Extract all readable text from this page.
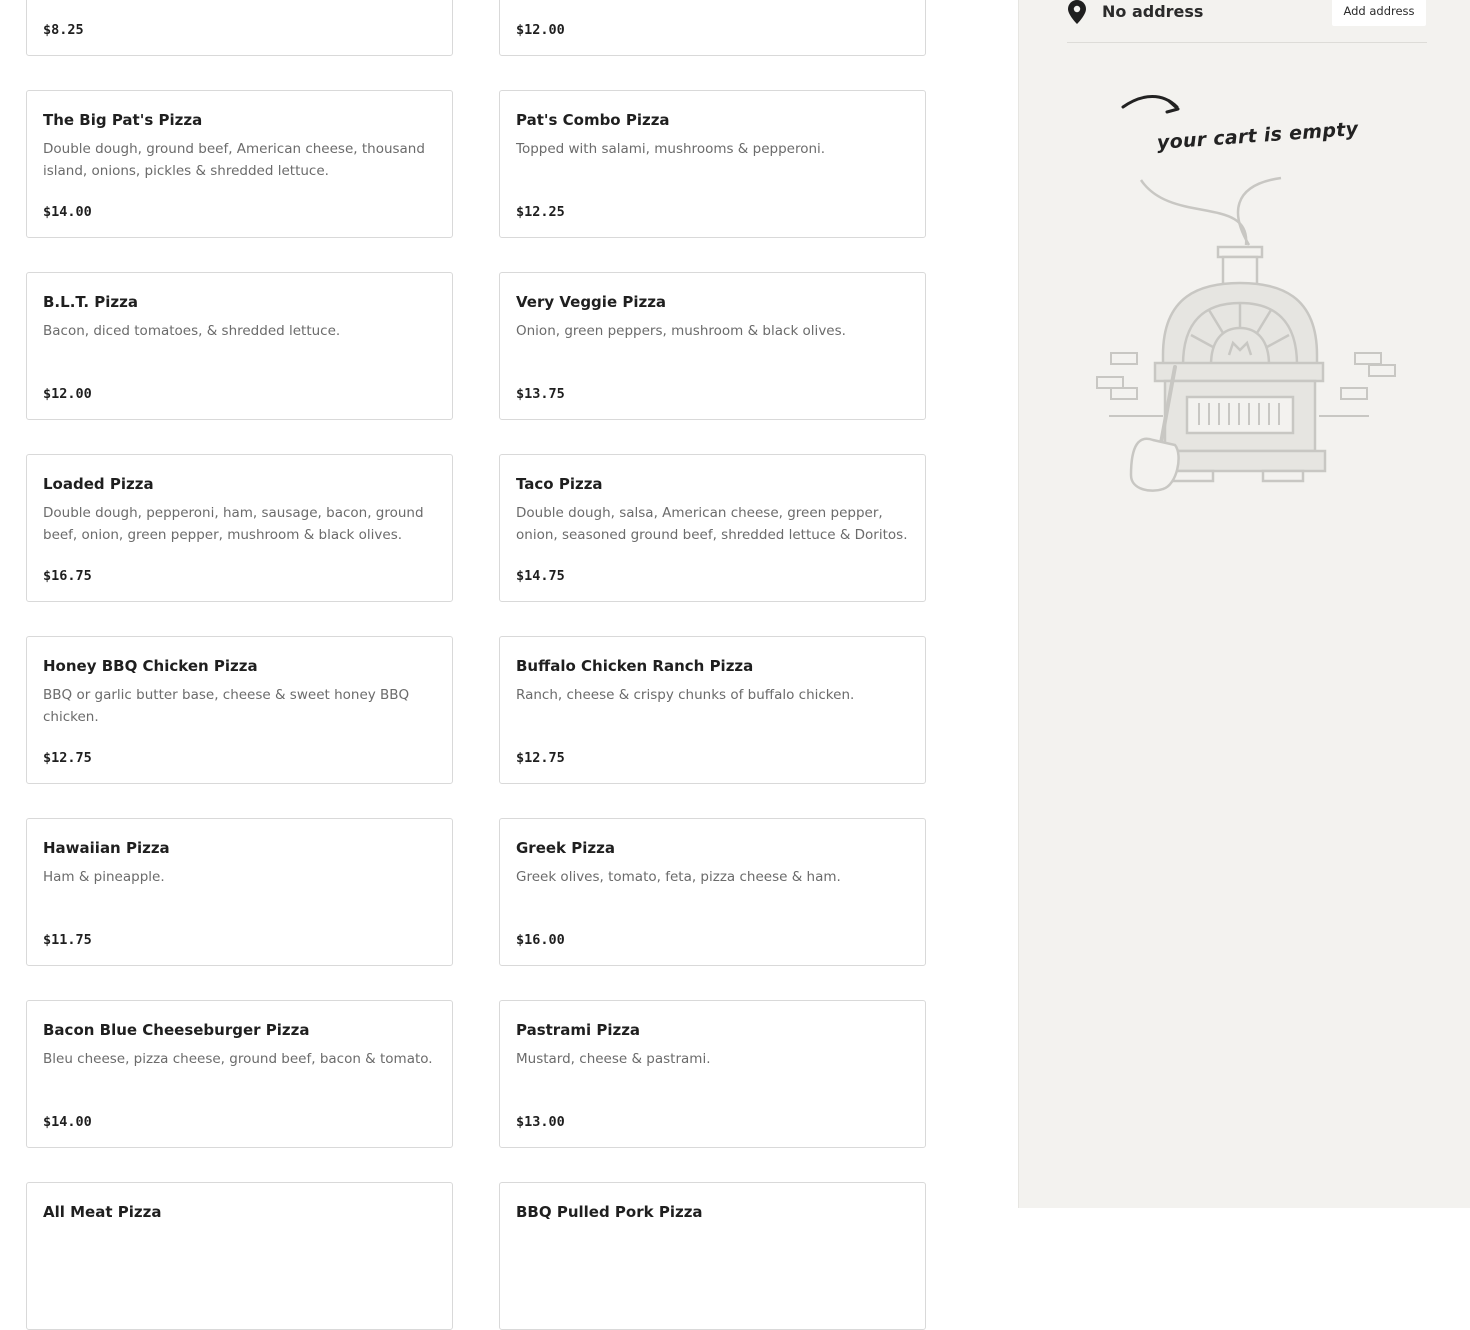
$8.25	$12.00
The Big Pat's Pizza
Double dough, ground beef, American cheese, thousand island, onions, pickles & shredded lettuce.
$14.00
Pat's Combo Pizza
Topped with salami, mushrooms & pepperoni.
$12.25
B.L.T. Pizza
Bacon, diced tomatoes, & shredded lettuce.
$12.00
Very Veggie Pizza
Onion, green peppers, mushroom & black olives.
$13.75
Loaded Pizza
Double dough, pepperoni, ham, sausage, bacon, ground beef, onion, green pepper, mushroom & black olives.
$16.75
Taco Pizza
Double dough, salsa, American cheese, green pepper, onion, seasoned ground beef, shredded lettuce & Doritos.
$14.75
Honey BBQ Chicken Pizza
BBQ or garlic butter base, cheese & sweet honey BBQ chicken.
$12.75
Buffalo Chicken Ranch Pizza
Ranch, cheese & crispy chunks of buffalo chicken.
$12.75
Hawaiian Pizza
Ham & pineapple.
$11.75
Greek Pizza
Greek olives, tomato, feta, pizza cheese & ham.
$16.00
Bacon Blue Cheeseburger Pizza
Bleu cheese, pizza cheese, ground beef, bacon & tomato.
$14.00
Pastrami Pizza
Mustard, cheese & pastrami.
$13.00
All Meat Pizza	BBQ Pulled Pork Pizza
No address	Add address
your cart is empty
